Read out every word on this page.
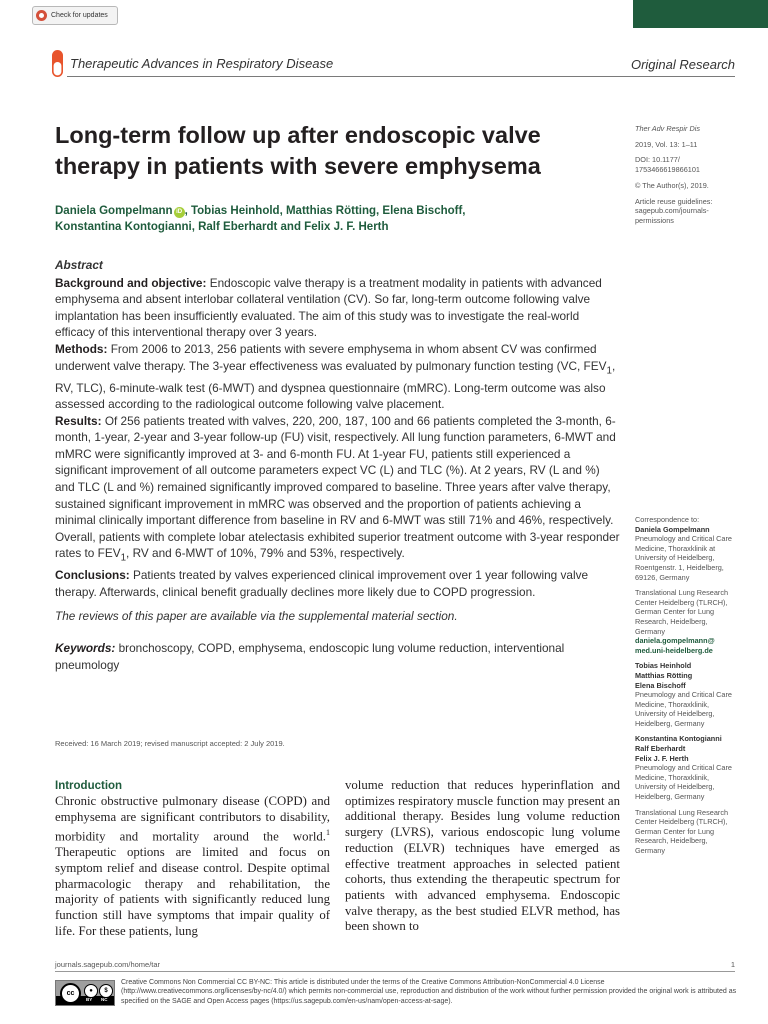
Check for updates
Therapeutic Advances in Respiratory Disease	Original Research
Long-term follow up after endoscopic valve therapy in patients with severe emphysema
Daniela Gompelmann iD , Tobias Heinhold, Matthias Rötting, Elena Bischoff,
Konstantina Kontogianni, Ralf Eberhardt and Felix J. F. Herth
Ther Adv Respir Dis
2019, Vol. 13: 1–11
DOI: 10.1177/
1753466619866101
© The Author(s), 2019.
Article reuse guidelines:
sagepub.com/journals-
permissions

Abstract

Background and objective: Endoscopic valve therapy is a treatment modality in patients with advanced emphysema and absent interlobar collateral ventilation (CV). So far, long-term outcome following valve implantation has been insufficiently evaluated. The aim of this study was to investigate the real-world efficacy of this interventional therapy over 3 years.

Methods: From 2006 to 2013, 256 patients with severe emphysema in whom absent CV was confirmed underwent valve therapy. The 3-year effectiveness was evaluated by pulmonary function testing (VC, $FEV_1$, RV, TLC), 6-minute-walk test (6-MWT) and dyspnea questionnaire (mMRC). Long-term outcome was also assessed according to the radiological outcome following valve placement.

Results: Of 256 patients treated with valves, 220, 200, 187, 100 and 66 patients completed the 3-month, 6-month, 1-year, 2-year and 3-year follow-up (FU) visit, respectively. All lung function parameters, 6-MWT and mMRC were significantly improved at 3- and 6-month FU. At 1-year FU, patients still experienced a significant improvement of all outcome parameters expect VC (L) and TLC (%). At 2 years, RV (L and %) and TLC (L and %) remained significantly improved compared to baseline. Three years after valve therapy, sustained significant improvement in mMRC was observed and the proportion of patients achieving a minimal clinically important difference from baseline in RV and 6-MWT was still 71% and 46%, respectively. Overall, patients with complete lobar atelectasis exhibited superior treatment outcome with 3-year responder rates to $FEV_1$, RV and 6-MWT of 10%, 79% and 53%, respectively.

Conclusions: Patients treated by valves experienced clinical improvement over 1 year following valve therapy. Afterwards, clinical benefit gradually declines more likely due to COPD progression.

The reviews of this paper are available via the supplemental material section.

Keywords: bronchoscopy, COPD, emphysema, endoscopic lung volume reduction, interventional pneumology

Received: 16 March 2019; revised manuscript accepted: 2 July 2019.
Correspondence to:
Daniela Gompelmann
Pneumology and Critical Care Medicine, Thoraxklinik at University of Heidelberg, Roentgenstr. 1, Heidelberg, 69126, Germany
Translational Lung Research Center Heidelberg (TLRCH), German Center for Lung Research, Heidelberg, Germany
daniela.gompelmann@ med.uni-heidelberg.de
Tobias Heinhold
Matthias Rötting
Elena Bischoff
Pneumology and Critical Care Medicine, Thoraxklinik, University of Heidelberg, Heidelberg, Germany
Konstantina Kontogianni
Ralf Eberhardt
Felix J. F. Herth
Pneumology and Critical Care Medicine, Thoraxklinik, University of Heidelberg, Heidelberg, Germany
Translational Lung Research Center Heidelberg (TLRCH), German Center for Lung Research, Heidelberg, Germany
Introduction
Chronic obstructive pulmonary disease (COPD) and emphysema are significant contributors to disability, morbidity and mortality around the world.$^1$ Therapeutic options are limited and focus on symptom relief and disease control. Despite optimal pharmacologic therapy and rehabilitation, the majority of patients with significantly reduced lung function still have symptoms that impair quality of life. For these patients, lung
volume reduction that reduces hyperinflation and optimizes respiratory muscle function may present an additional therapy. Besides lung volume reduction surgery (LVRS), various endoscopic lung volume reduction (ELVR) techniques have emerged as effective treatment approaches in selected patient cohorts, thus extending the therapeutic spectrum for patients with advanced emphysema. Endoscopic valve therapy, as the best studied ELVR method, has been shown to
journals.sagepub.com/home/tar	1
cc	●	$
BY NC
Creative Commons Non Commercial CC BY-NC: This article is distributed under the terms of the Creative Commons Attribution-NonCommercial 4.0 License (http://www.creativecommons.org/licenses/by-nc/4.0/) which permits non-commercial use, reproduction and distribution of the work without further permission provided the original work is attributed as specified on the SAGE and Open Access pages (https://us.sagepub.com/en-us/nam/open-access-at-sage).
